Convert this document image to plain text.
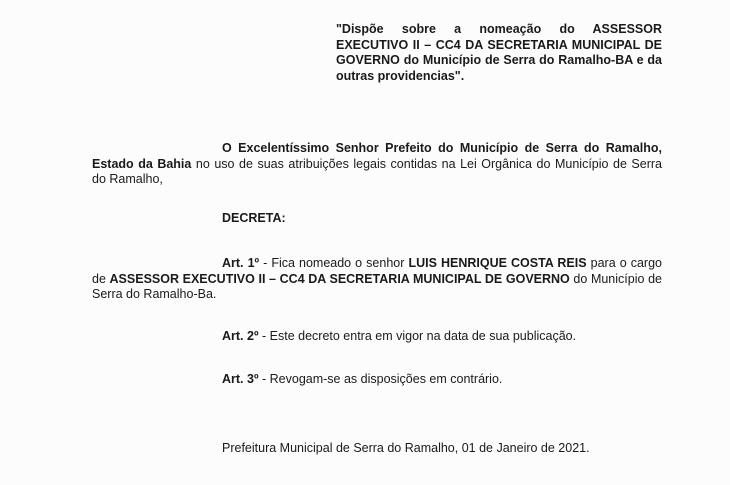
"Dispõe sobre a nomeação do ASSESSOR EXECUTIVO II – CC4 DA SECRETARIA MUNICIPAL DE GOVERNO do Município de Serra do Ramalho-BA e da outras providencias".
O Excelentíssimo Senhor Prefeito do Município de Serra do Ramalho, Estado da Bahia no uso de suas atribuições legais contidas na Lei Orgânica do Município de Serra do Ramalho,
DECRETA:
Art. 1º - Fica nomeado o senhor LUIS HENRIQUE COSTA REIS para o cargo de ASSESSOR EXECUTIVO II – CC4 DA SECRETARIA MUNICIPAL DE GOVERNO do Município de Serra do Ramalho-Ba.
Art. 2º - Este decreto entra em vigor na data de sua publicação.
Art. 3º - Revogam-se as disposições em contrário.
Prefeitura Municipal de Serra do Ramalho, 01 de Janeiro de 2021.
